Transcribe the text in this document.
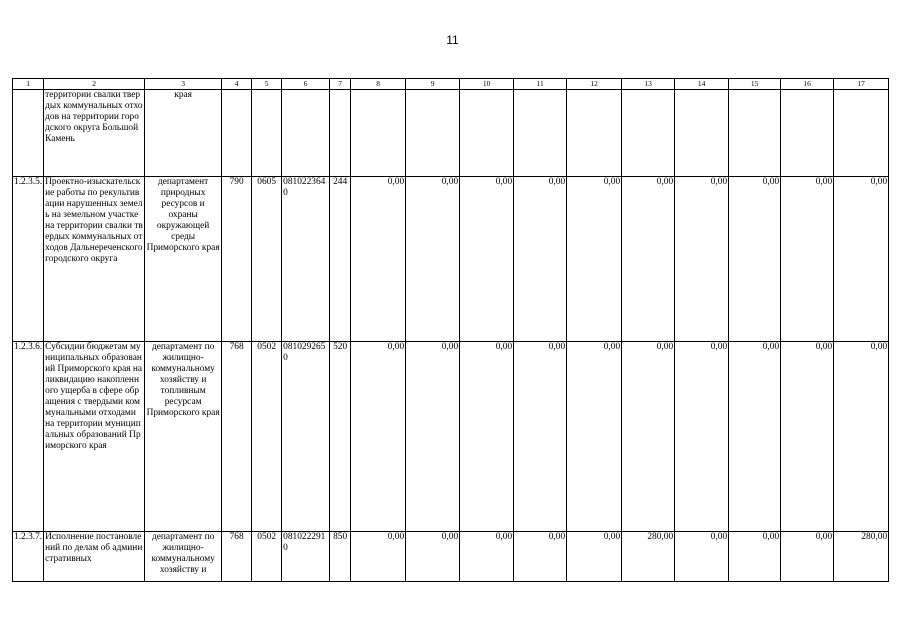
11
1	2	3	4	5	6	7	8	9	10	11	12	13	14	15	16	17
	территории свалки твердых коммунальных отходов на территории городского округа Большой Камень	края														
1.2.3.5.	Проектно-изыскательские работы по рекультивации нарушенных земель на земельном участке на территории свалки твердых коммунальных отходов Дальнереченского городского округа	департамент природных ресурсов и охраны окружающей среды Приморского края	790	0605	0810223640	244	0,00	0,00	0,00	0,00	0,00	0,00	0,00	0,00	0,00	0,00
1.2.3.6.	Субсидии бюджетам муниципальных образований Приморского края на ликвидацию накопленного ущерба в сфере обращения с твердыми коммунальными отходами на территории муниципальных образований Приморского края	департамент по жилищно-коммунальному хозяйству и топливным ресурсам Приморского края	768	0502	0810292650	520	0,00	0,00	0,00	0,00	0,00	0,00	0,00	0,00	0,00	0,00
1.2.3.7.	Исполнение постановлений по делам об административных	департамент по жилищно-коммунальному хозяйству и	768	0502	0810222910	850	0,00	0,00	0,00	0,00	0,00	280,00	0,00	0,00	0,00	280,00
